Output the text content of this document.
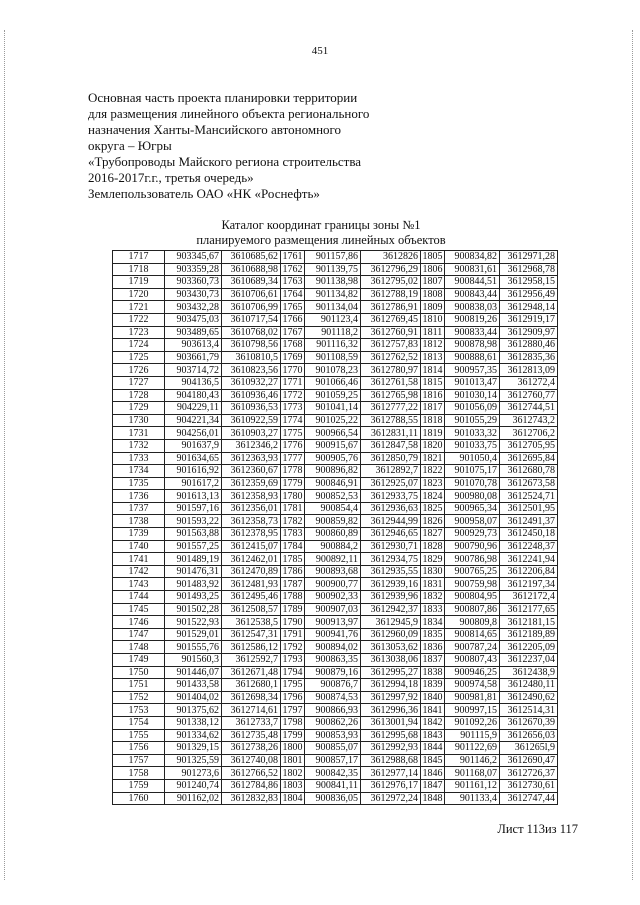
451
Основная часть проекта планировки территории
для размещения линейного объекта регионального
назначения Ханты-Мансийского автономного
округа – Югры
«Трубопроводы Майского региона строительства
2016-2017г.г., третья очередь»
Землепользователь ОАО «НК «Роснефть»
Каталог координат границы зоны №1
планируемого размещения линейных объектов
1717	903345,67	3610685,62	1761	901157,86	3612826	1805	900834,82	3612971,28
1718	903359,28	3610688,98	1762	901139,75	3612796,29	1806	900831,61	3612968,78
1719	903360,73	3610689,34	1763	901138,98	3612795,02	1807	900844,51	3612958,15
1720	903430,73	3610706,61	1764	901134,82	3612788,19	1808	900843,44	3612956,49
1721	903432,28	3610706,99	1765	901134,04	3612786,91	1809	900838,03	3612948,14
1722	903475,03	3610717,54	1766	901123,4	3612769,45	1810	900819,26	3612919,17
1723	903489,65	3610768,02	1767	901118,2	3612760,91	1811	900833,44	3612909,97
1724	903613,4	3610798,56	1768	901116,32	3612757,83	1812	900878,98	3612880,46
1725	903661,79	3610810,5	1769	901108,59	3612762,52	1813	900888,61	3612835,36
1726	903714,72	3610823,56	1770	901078,23	3612780,97	1814	900957,35	3612813,09
1727	904136,5	3610932,27	1771	901066,46	3612761,58	1815	901013,47	361272,4
1728	904180,43	3610936,46	1772	901059,25	3612765,98	1816	901030,14	3612760,77
1729	904229,11	3610936,53	1773	901041,14	3612777,22	1817	901056,09	3612744,51
1730	904221,34	3610922,59	1774	901025,22	3612788,55	1818	901055,29	3612743,2
1731	904256,01	3610903,27	1775	900966,54	3612831,11	1819	901033,32	3612706,2
1732	901637,9	3612346,2	1776	900915,67	3612847,58	1820	901033,75	3612705,95
1733	901634,65	3612363,93	1777	900905,76	3612850,79	1821	901050,4	3612695,84
1734	901616,92	3612360,67	1778	900896,82	3612892,7	1822	901075,17	3612680,78
1735	901617,2	3612359,69	1779	900846,91	3612925,07	1823	901070,78	3612673,58
1736	901613,13	3612358,93	1780	900852,53	3612933,75	1824	900980,08	3612524,71
1737	901597,16	3612356,01	1781	900854,4	3612936,63	1825	900965,34	3612501,95
1738	901593,22	3612358,73	1782	900859,82	3612944,99	1826	900958,07	3612491,37
1739	901563,88	3612378,95	1783	900860,89	3612946,65	1827	900929,73	3612450,18
1740	901557,25	3612415,07	1784	900884,2	3612930,71	1828	900790,96	3612248,37
1741	901489,19	3612462,01	1785	900892,11	3612934,75	1829	900786,98	3612241,94
1742	901476,31	3612470,89	1786	900893,68	3612935,55	1830	900765,25	3612206,84
1743	901483,92	3612481,93	1787	900900,77	3612939,16	1831	900759,98	3612197,34
1744	901493,25	3612495,46	1788	900902,33	3612939,96	1832	900804,95	3612172,4
1745	901502,28	3612508,57	1789	900907,03	3612942,37	1833	900807,86	3612177,65
1746	901522,93	3612538,5	1790	900913,97	3612945,9	1834	900809,8	3612181,15
1747	901529,01	3612547,31	1791	900941,76	3612960,09	1835	900814,65	3612189,89
1748	901555,76	3612586,12	1792	900894,02	3613053,62	1836	900787,24	3612205,09
1749	901560,3	3612592,7	1793	900863,35	3613038,06	1837	900807,43	3612237,04
1750	901446,07	3612671,48	1794	900879,16	3612995,27	1838	900946,25	3612438,9
1751	901433,58	3612680,1	1795	900876,7	3612994,18	1839	900974,58	3612480,11
1752	901404,02	3612698,34	1796	900874,53	3612997,92	1840	900981,81	3612490,62
1753	901375,62	3612714,61	1797	900866,93	3612996,36	1841	900997,15	3612514,31
1754	901338,12	3612733,7	1798	900862,26	3613001,94	1842	901092,26	3612670,39
1755	901334,62	3612735,48	1799	900853,93	3612995,68	1843	901115,9	3612656,03
1756	901329,15	3612738,26	1800	900855,07	3612992,93	1844	901122,69	361265l,9
1757	901325,59	3612740,08	1801	900857,17	3612988,68	1845	901146,2	3612690,47
1758	901273,6	3612766,52	1802	900842,35	3612977,14	1846	901168,07	3612726,37
1759	901240,74	3612784,86	1803	900841,11	3612976,17	1847	901161,12	3612730,61
1760	901162,02	3612832,83	1804	900836,05	3612972,24	1848	901133,4	3612747,44
Лист 113из 117
